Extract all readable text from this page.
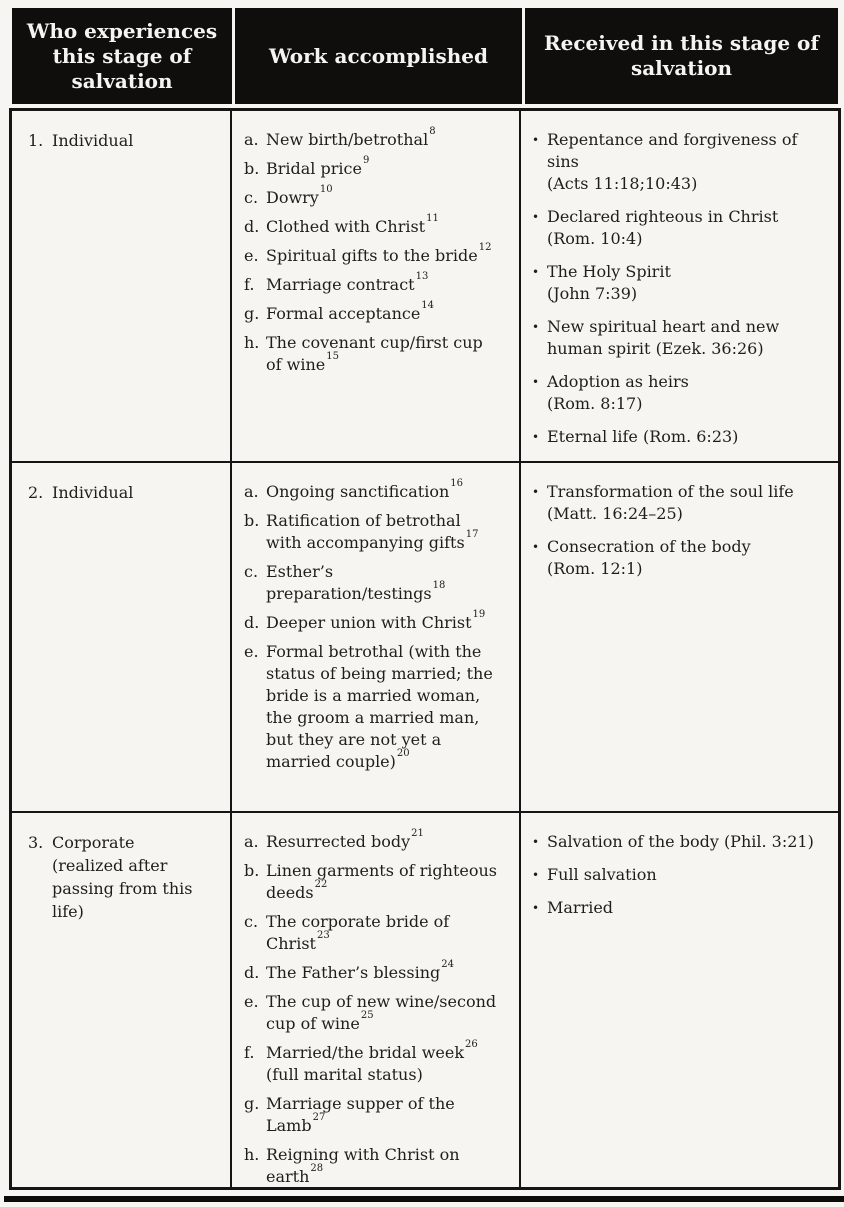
Who experiences this stage of salvation
Work accomplished
Received in this stage of salvation
1. Individual	a. New birth/betrothal$^8$
b. Bridal price$^9$
c. Dowry$^{10}$
d. Clothed with Christ$^{11}$
e. Spiritual gifts to the bride$^{12}$
f. Marriage contract$^{13}$
g. Formal acceptance$^{14}$
h. The covenant cup/first cup of wine$^{15}$
• Repentance and forgiveness of sins
(Acts 11:18;10:43)
• Declared righteous in Christ
(Rom. 10:4)
• The Holy Spirit
(John 7:39)
• New spiritual heart and new human spirit (Ezek. 36:26)
• Adoption as heirs
(Rom. 8:17)
• Eternal life (Rom. 6:23)
2. Individual	a. Ongoing sanctification$^{16}$
b. Ratification of betrothal with accompanying gifts$^{17}$
c. Esther’s preparation/testings$^{18}$
d. Deeper union with Christ$^{19}$
e. Formal betrothal (with the status of being married; the bride is a married woman, the groom a married man, but they are not yet a married couple)$^{20}$
• Transformation of the soul life
(Matt. 16:24–25)
• Consecration of the body
(Rom. 12:1)
3. Corporate
(realized after passing from this life)
a. Resurrected body$^{21}$
b. Linen garments of righteous deeds$^{22}$
c. The corporate bride of Christ$^{23}$
d. The Father’s blessing$^{24}$
e. The cup of new wine/second cup of wine$^{25}$
f. Married/the bridal week$^{26}$ (full marital status)
g. Marriage supper of the Lamb$^{27}$
h. Reigning with Christ on earth$^{28}$
• Salvation of the body (Phil. 3:21)
• Full salvation
• Married
